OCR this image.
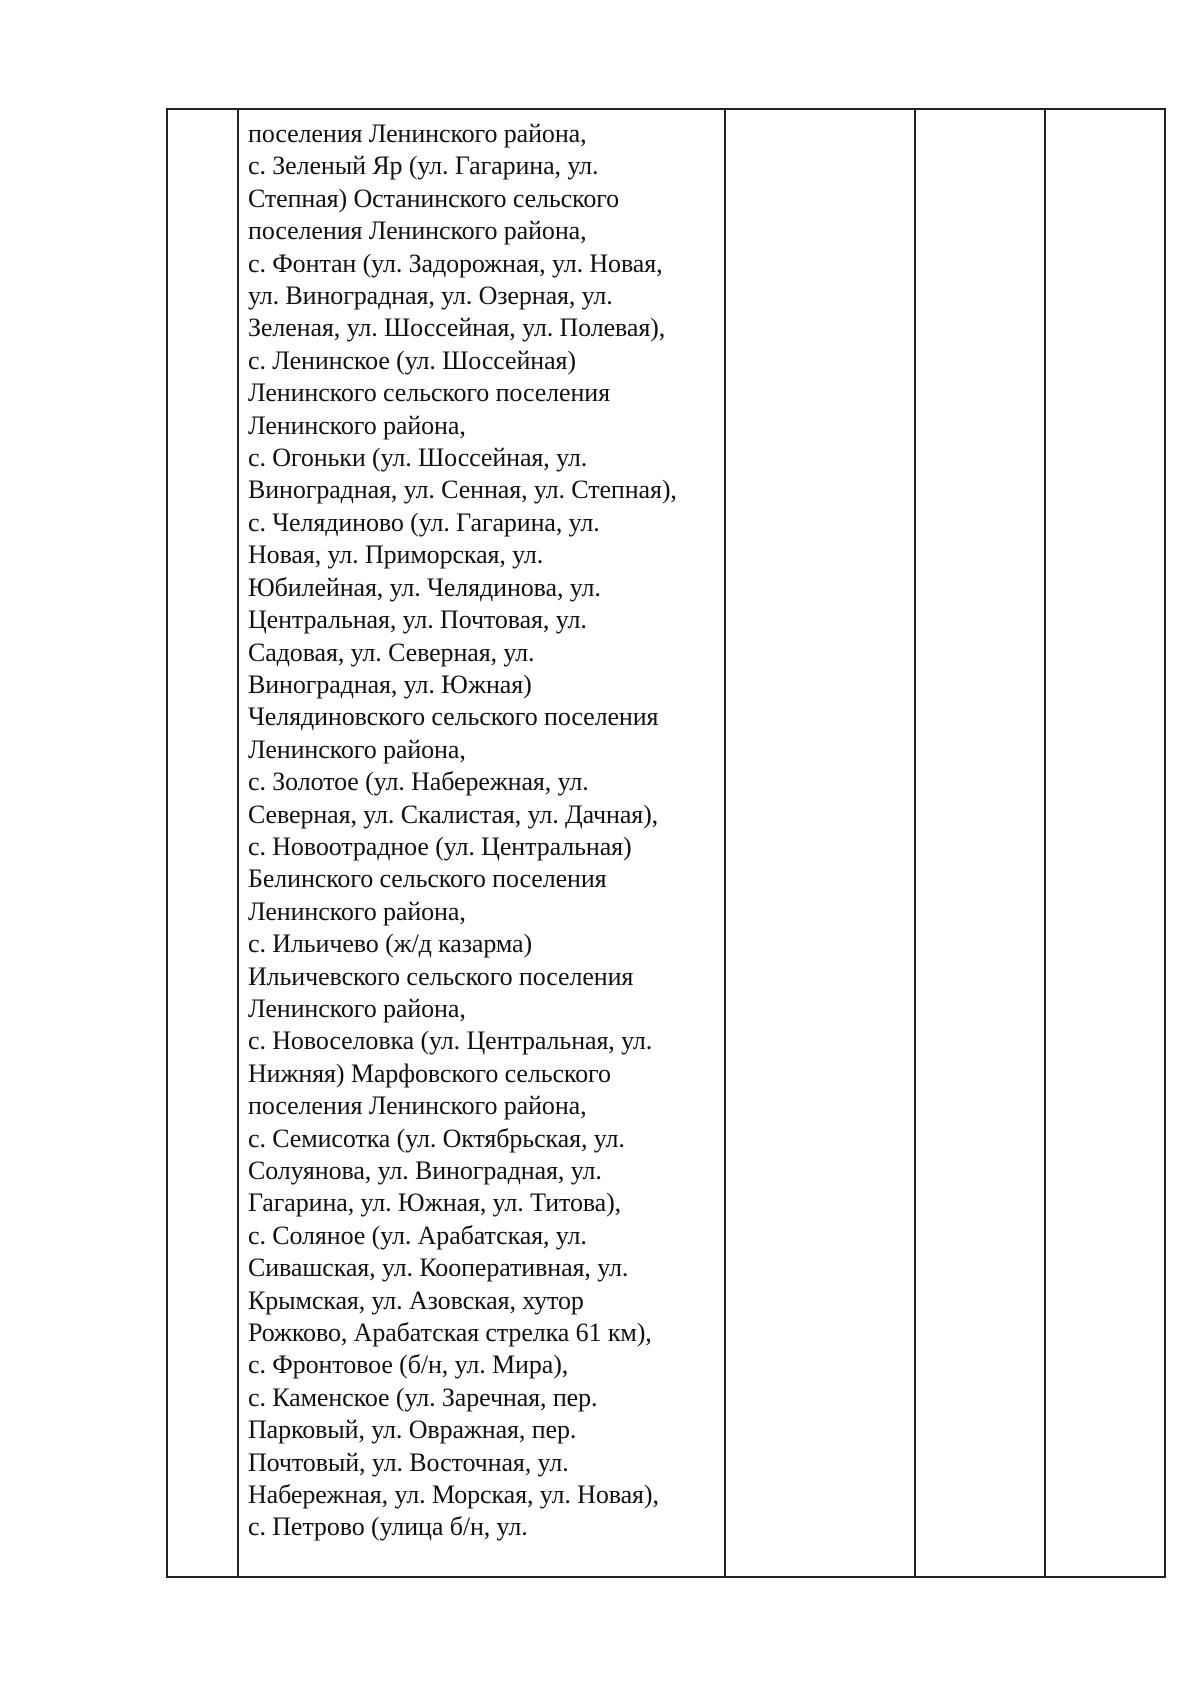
поселения Ленинского района,
с. Зеленый Яр (ул. Гагарина, ул.
Степная) Останинского сельского
поселения Ленинского района,
с. Фонтан (ул. Задорожная, ул. Новая,
ул. Виноградная, ул. Озерная, ул.
Зеленая, ул. Шоссейная, ул. Полевая),
с. Ленинское (ул. Шоссейная)
Ленинского сельского поселения
Ленинского района,
с. Огоньки (ул. Шоссейная, ул.
Виноградная, ул. Сенная, ул. Степная),
с. Челядиново (ул. Гагарина, ул.
Новая, ул. Приморская, ул.
Юбилейная, ул. Челядинова, ул.
Центральная, ул. Почтовая, ул.
Садовая, ул. Северная, ул.
Виноградная, ул. Южная)
Челядиновского сельского поселения
Ленинского района,
с. Золотое (ул. Набережная, ул.
Северная, ул. Скалистая, ул. Дачная),
с. Новоотрадное (ул. Центральная)
Белинского сельского поселения
Ленинского района,
с. Ильичево (ж/д казарма)
Ильичевского сельского поселения
Ленинского района,
с. Новоселовка (ул. Центральная, ул.
Нижняя) Марфовского сельского
поселения Ленинского района,
с. Семисотка (ул. Октябрьская, ул.
Солуянова, ул. Виноградная, ул.
Гагарина, ул. Южная, ул. Титова),
с. Соляное (ул. Арабатская, ул.
Сивашская, ул. Кооперативная, ул.
Крымская, ул. Азовская, хутор
Рожково, Арабатская стрелка 61 км),
с. Фронтовое (б/н, ул. Мира),
с. Каменское (ул. Заречная, пер.
Парковый, ул. Овражная, пер.
Почтовый, ул. Восточная, ул.
Набережная, ул. Морская, ул. Новая),
с. Петрово (улица б/н, ул.
